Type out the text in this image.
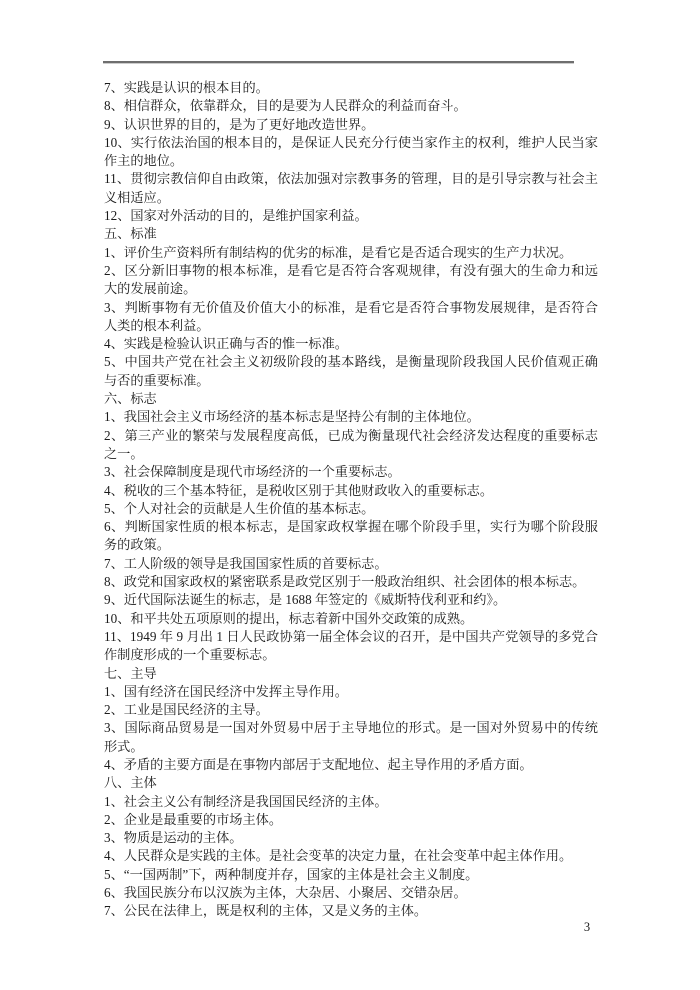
7、实践是认识的根本目的。

8、相信群众，依靠群众，目的是要为人民群众的利益而奋斗。

9、认识世界的目的，是为了更好地改造世界。

10、实行依法治国的根本目的，是保证人民充分行使当家作主的权利，维护人民当家作主的地位。

11、贯彻宗教信仰自由政策，依法加强对宗教事务的管理，目的是引导宗教与社会主义相适应。

12、国家对外活动的目的，是维护国家利益。

五、标准

1、评价生产资料所有制结构的优劣的标准，是看它是否适合现实的生产力状况。

2、区分新旧事物的根本标准，是看它是否符合客观规律，有没有强大的生命力和远大的发展前途。

3、判断事物有无价值及价值大小的标准，是看它是否符合事物发展规律，是否符合人类的根本利益。

4、实践是检验认识正确与否的惟一标准。

5、中国共产党在社会主义初级阶段的基本路线，是衡量现阶段我国人民价值观正确与否的重要标准。

六、标志

1、我国社会主义市场经济的基本标志是坚持公有制的主体地位。

2、第三产业的繁荣与发展程度高低，已成为衡量现代社会经济发达程度的重要标志之一。

3、社会保障制度是现代市场经济的一个重要标志。

4、税收的三个基本特征，是税收区别于其他财政收入的重要标志。

5、个人对社会的贡献是人生价值的基本标志。

6、判断国家性质的根本标志，是国家政权掌握在哪个阶段手里，实行为哪个阶段服务的政策。

7、工人阶级的领导是我国国家性质的首要标志。

8、政党和国家政权的紧密联系是政党区别于一般政治组织、社会团体的根本标志。

9、近代国际法诞生的标志，是 1688 年签定的《威斯特伐利亚和约》。

10、和平共处五项原则的提出，标志着新中国外交政策的成熟。

11、1949 年 9 月出 1 日人民政协第一届全体会议的召开，是中国共产党领导的多党合作制度形成的一个重要标志。

七、主导

1、国有经济在国民经济中发挥主导作用。

2、工业是国民经济的主导。

3、国际商品贸易是一国对外贸易中居于主导地位的形式。是一国对外贸易中的传统形式。

4、矛盾的主要方面是在事物内部居于支配地位、起主导作用的矛盾方面。

八、主体

1、社会主义公有制经济是我国国民经济的主体。

2、企业是最重要的市场主体。

3、物质是运动的主体。

4、人民群众是实践的主体。是社会变革的决定力量，在社会变革中起主体作用。

5、“一国两制”下，两种制度并存，国家的主体是社会主义制度。

6、我国民族分布以汉族为主体，大杂居、小聚居、交错杂居。

7、公民在法律上，既是权利的主体，又是义务的主体。

3
